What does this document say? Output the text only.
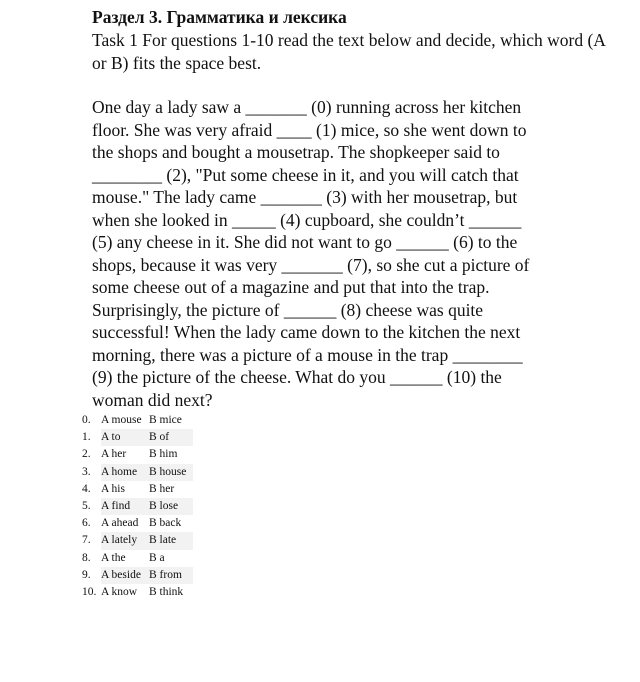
Раздел 3. Грамматика и лексика

Task 1 For questions 1-10 read the text below and decide, which word (A or B) fits the space best.

One day a lady saw a _______ (0) running across her kitchen
floor. She was very afraid ____ (1) mice, so she went down to
the shops and bought a mousetrap. The shopkeeper said to
________ (2), "Put some cheese in it, and you will catch that
mouse." The lady came _______ (3) with her mousetrap, but
when she looked in _____ (4) cupboard, she couldn’t ______
(5) any cheese in it. She did not want to go ______ (6) to the
shops, because it was very _______ (7), so she cut a picture of
some cheese out of a magazine and put that into the trap.
Surprisingly, the picture of ______ (8) cheese was quite
successful! When the lady came down to the kitchen the next
morning, there was a picture of a mouse in the trap ________
(9) the picture of the cheese. What do you ______ (10) the
woman did next?
0.	A mouse	B mice
1.	A to	B of
2.	A her	B him
3.	A home	B house
4.	A his	B her
5.	A find	B lose
6.	A ahead	B back
7.	A lately	B late
8.	A the	B a
9.	A beside	B from
10.	A know	B think
